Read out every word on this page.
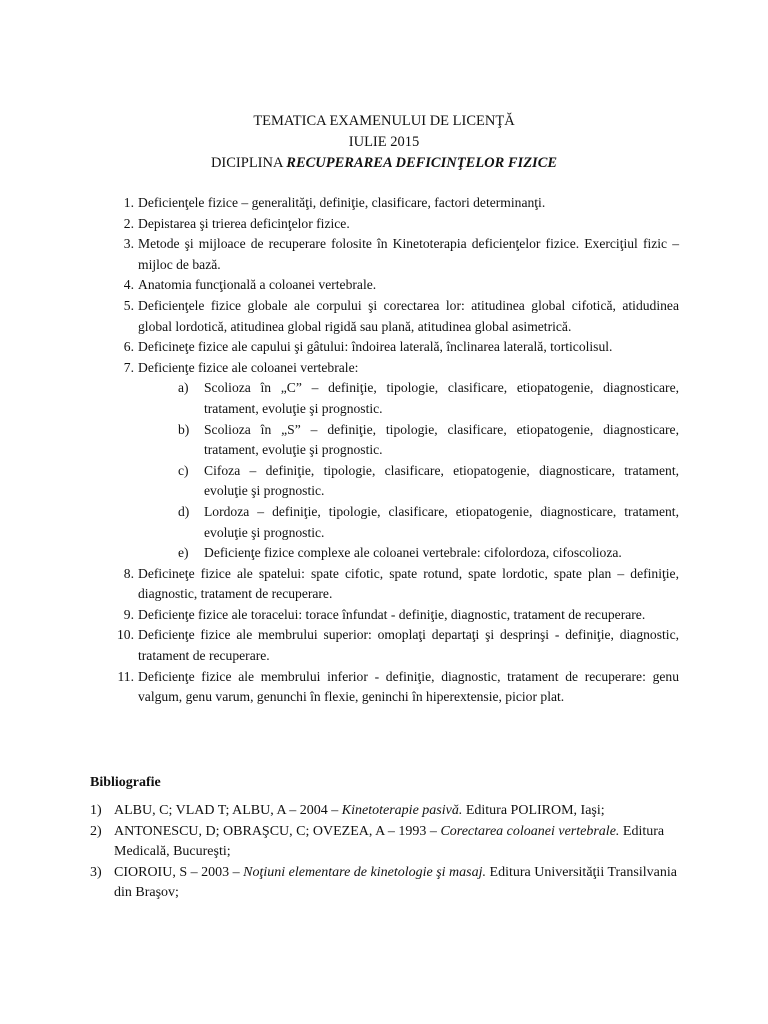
TEMATICA EXAMENULUI DE LICENŢĂ
IULIE 2015
DICIPLINA RECUPERAREA DEFICINŢELOR FIZICE
1. Deficienţele fizice – generalităţi, definiţie, clasificare, factori determinanţi.
2. Depistarea şi trierea deficinţelor fizice.
3. Metode şi mijloace de recuperare folosite în Kinetoterapia deficienţelor fizice. Exerciţiul fizic – mijloc de bază.
4. Anatomia funcţională a coloanei vertebrale.
5. Deficienţele fizice globale ale corpului şi corectarea lor: atitudinea global cifotică, atidudinea global lordotică, atitudinea global rigidă sau plană, atitudinea global asimetrică.
6. Deficineţe fizice ale capului şi gâtului: îndoirea laterală, înclinarea laterală, torticolisul.
7. Deficienţe fizice ale coloanei vertebrale:
a) Scolioza în „C” – definiţie, tipologie, clasificare, etiopatogenie, diagnosticare, tratament, evoluţie şi prognostic.
b) Scolioza în „S” – definiţie, tipologie, clasificare, etiopatogenie, diagnosticare, tratament, evoluţie şi prognostic.
c) Cifoza – definiţie, tipologie, clasificare, etiopatogenie, diagnosticare, tratament, evoluţie şi prognostic.
d) Lordoza – definiţie, tipologie, clasificare, etiopatogenie, diagnosticare, tratament, evoluţie şi prognostic.
e) Deficienţe fizice complexe ale coloanei vertebrale: cifolordoza, cifoscolioza.
8. Deficineţe fizice ale spatelui: spate cifotic, spate rotund, spate lordotic, spate plan – definiţie, diagnostic, tratament de recuperare.
9. Deficienţe fizice ale toracelui: torace înfundat - definiţie, diagnostic, tratament de recuperare.
10. Deficienţe fizice ale membrului superior: omoplaţi departaţi şi desprinşi - definiţie, diagnostic, tratament de recuperare.
11. Deficienţe fizice ale membrului inferior - definiţie, diagnostic, tratament de recuperare: genu valgum, genu varum, genunchi în flexie, geninchi în hiperextensie, picior plat.
Bibliografie
1) ALBU, C; VLAD T; ALBU, A – 2004 – Kinetoterapie pasivă. Editura POLIROM, Iaşi;
2) ANTONESCU, D; OBRAŞCU, C; OVEZEA, A – 1993 – Corectarea coloanei vertebrale. Editura Medicală, Bucureşti;
3) CIOROIU, S – 2003 – Noţiuni elementare de kinetologie şi masaj. Editura Universităţii Transilvania din Braşov;
